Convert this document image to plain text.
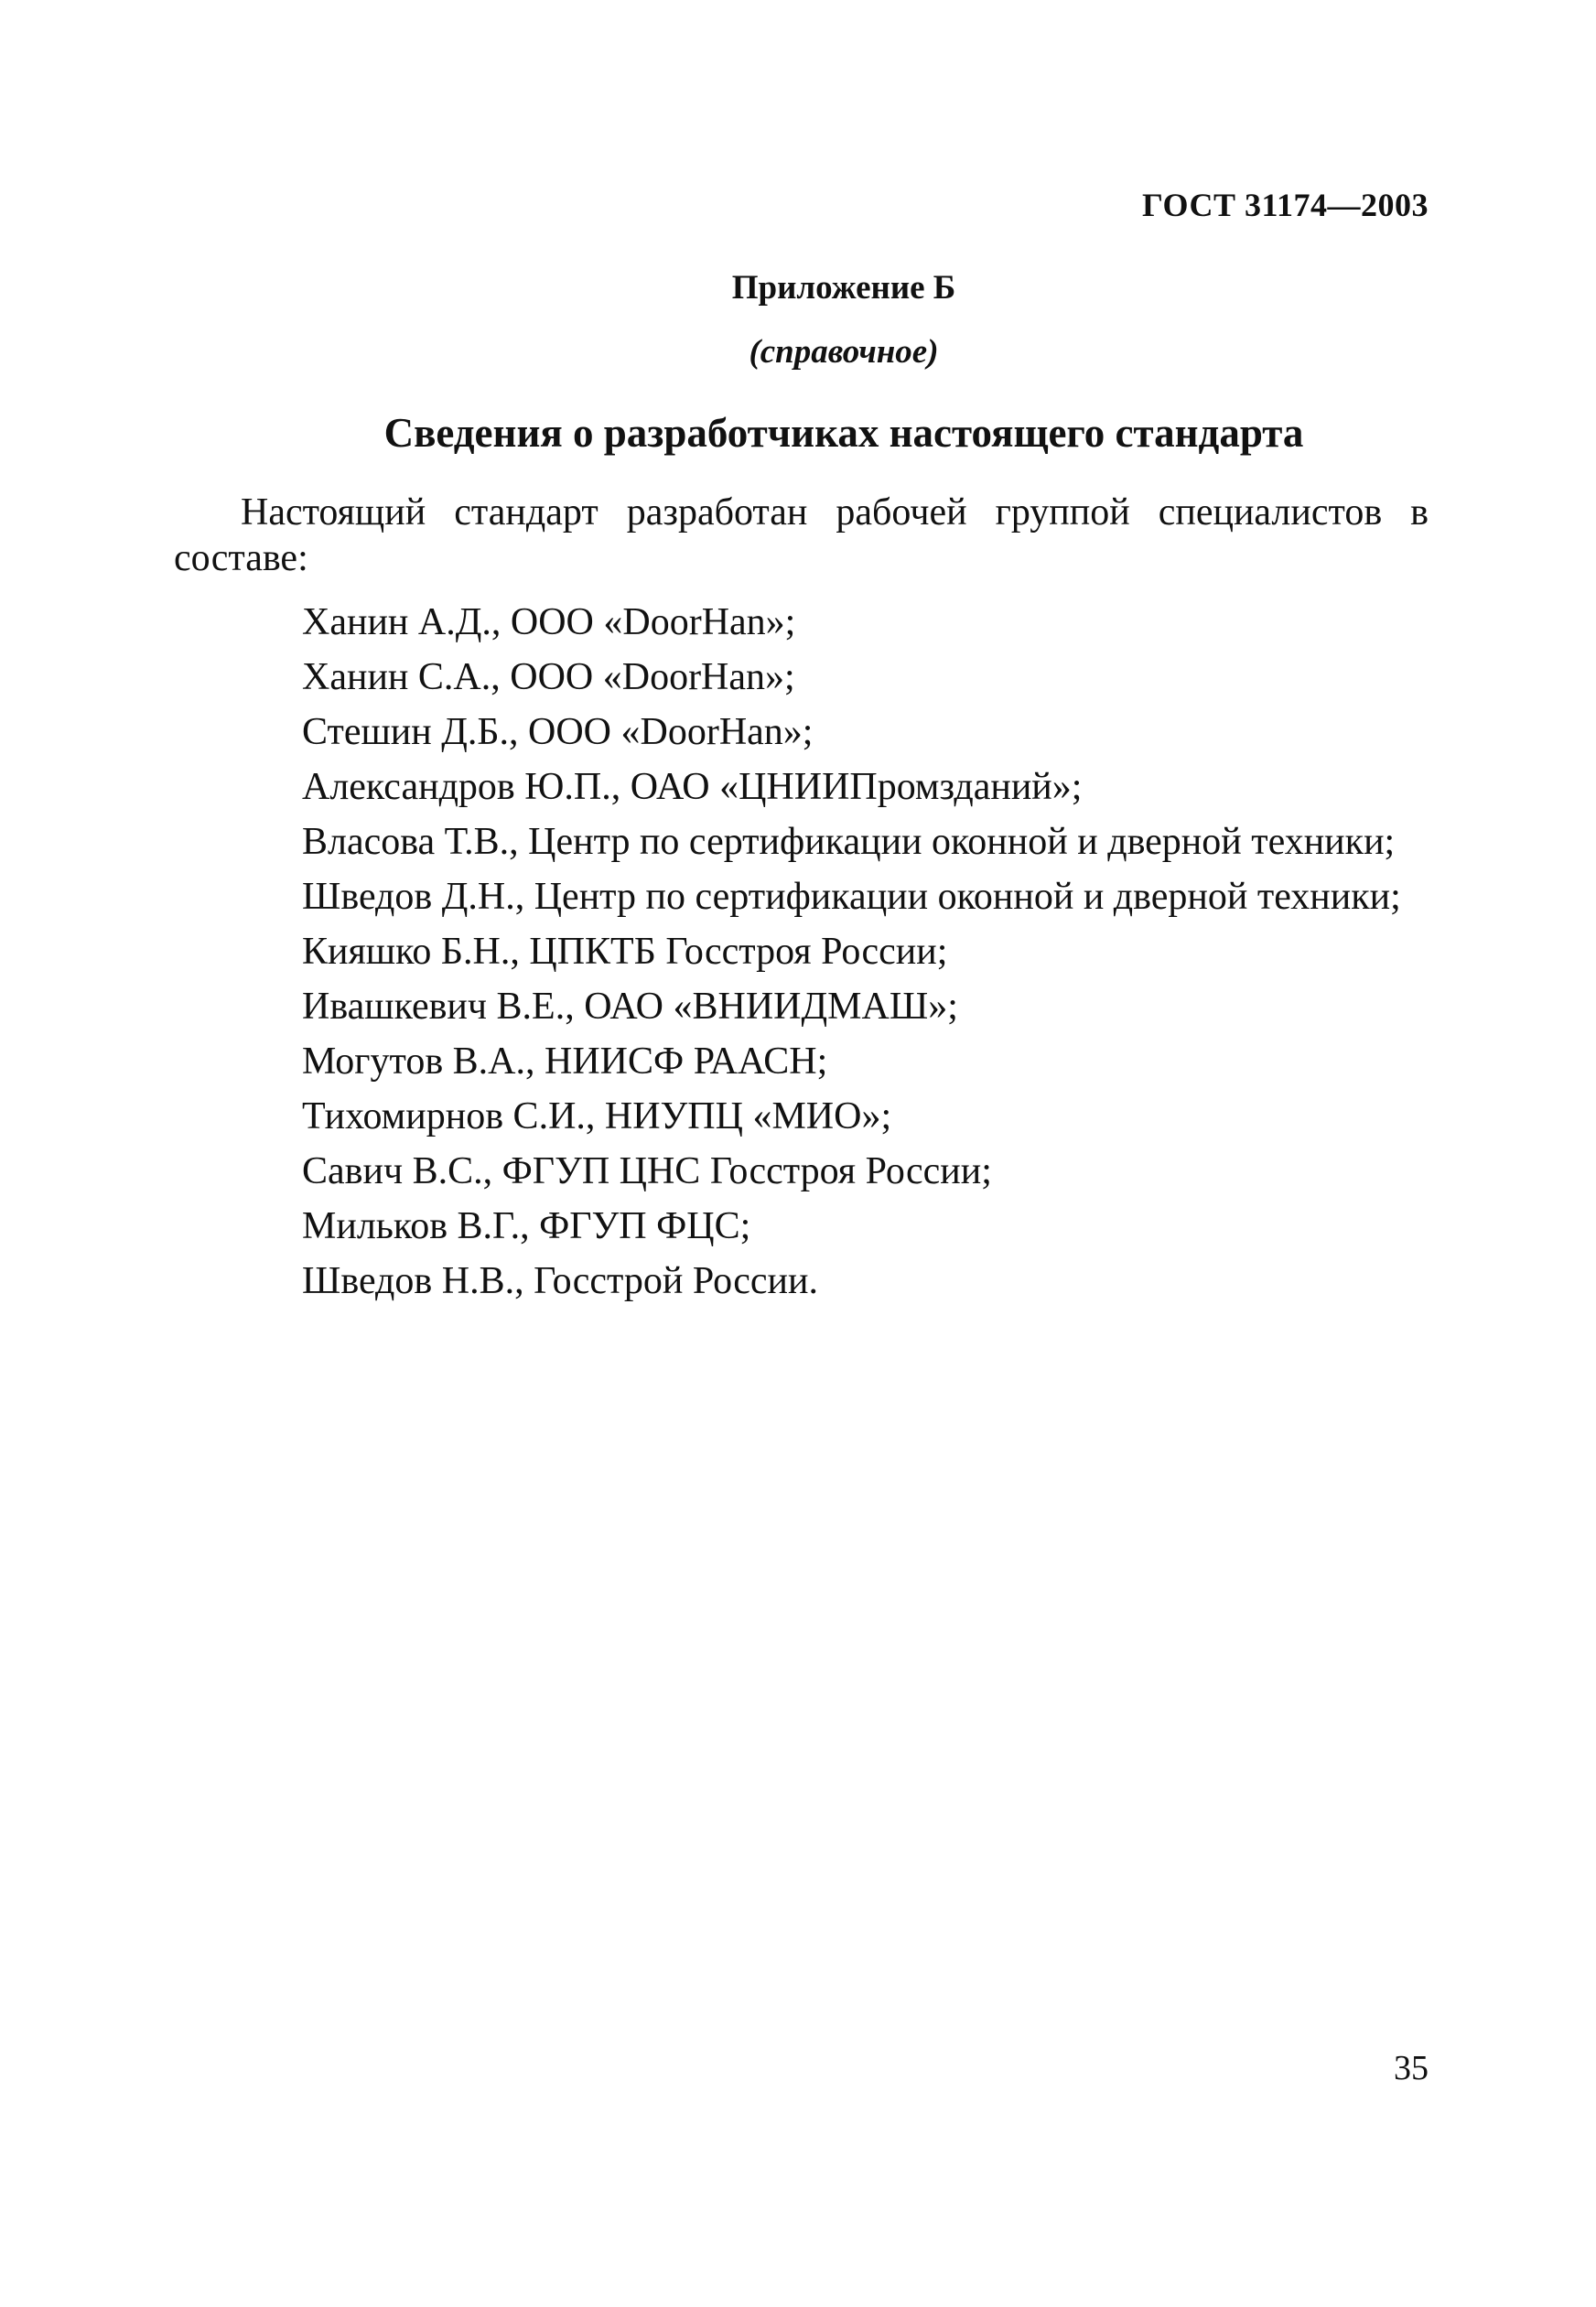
ГОСТ 31174—2003
Приложение Б
(справочное)
Сведения о разработчиках настоящего стандарта

Настоящий стандарт разработан рабочей группой специалистов в составе:

Ханин А.Д., ООО «DoorHan»;
Ханин С.А., ООО «DoorHan»;
Стешин Д.Б., ООО «DoorHan»;
Александров Ю.П., ОАО «ЦНИИПромзданий»;
Власова Т.В., Центр по сертификации оконной и дверной техники;
Шведов Д.Н., Центр по сертификации оконной и дверной техники;
Кияшко Б.Н., ЦПКТБ Госстроя России;
Ивашкевич В.Е., ОАО «ВНИИДМАШ»;
Могутов В.А., НИИСФ РААСН;
Тихомирнов С.И., НИУПЦ «МИО»;
Савич В.С., ФГУП ЦНС Госстроя России;
Мильков В.Г., ФГУП ФЦС;
Шведов Н.В., Госстрой России.
35
